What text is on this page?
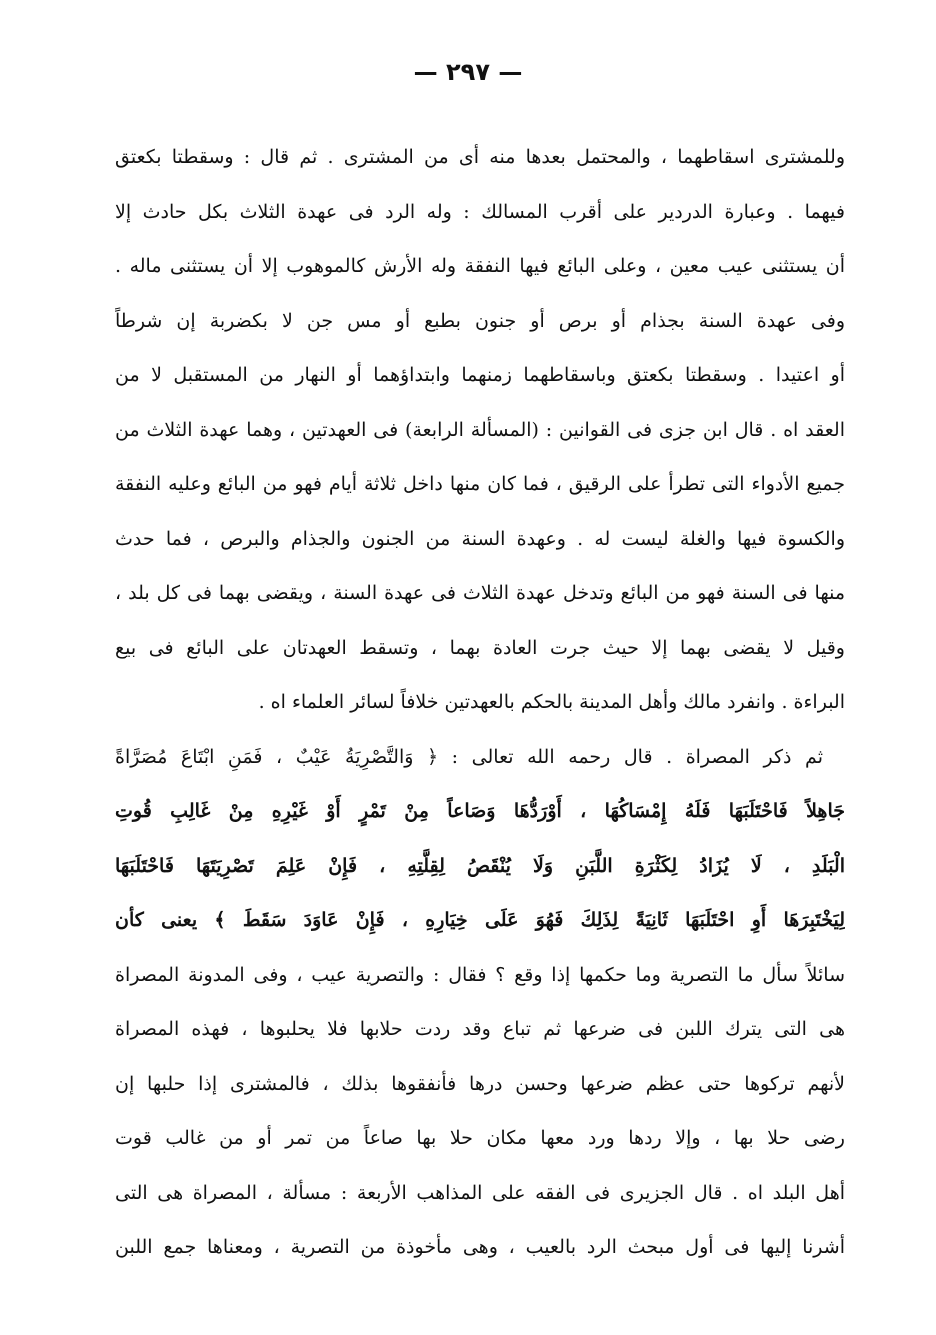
— ٢٩٧ —
وللمشترى اسقاطهما ، والمحتمل بعدها منه أى من المشترى . ثم قال : وسقطتا بكعتق
فيهما . وعبارة الدردير على أقرب المسالك : وله الرد فى عهدة الثلاث بكل حادث إلا
أن يستثنى عيب معين ، وعلى البائع فيها النفقة وله الأرش كالموهوب إلا أن يستثنى ماله .
وفى عهدة السنة بجذام أو برص أو جنون بطبع أو مس جن لا بكضربة إن شرطاً
أو اعتيدا . وسقطتا بكعتق وباسقاطهما زمنهما وابتداؤهما أو النهار من المستقبل لا من
العقد اه . قال ابن جزى فى القوانين : (المسألة الرابعة) فى العهدتين ، وهما عهدة الثلاث من
جميع الأدواء التى تطرأ على الرقيق ، فما كان منها داخل ثلاثة أيام فهو من البائع وعليه النفقة
والكسوة فيها والغلة ليست له . وعهدة السنة من الجنون والجذام والبرص ، فما حدث
منها فى السنة فهو من البائع وتدخل عهدة الثلاث فى عهدة السنة ، ويقضى بهما فى كل بلد ،
وقيل لا يقضى بهما إلا حيث جرت العادة بهما ، وتسقط العهدتان على البائع فى بيع
البراءة . وانفرد مالك وأهل المدينة بالحكم بالعهدتين خلافاً لسائر العلماء اه .
ثم ذكر المصراة . قال رحمه الله تعالى : ﴿ وَالتَّصْرِيَةُ عَيْبٌ ، فَمَنِ ابْتَاعَ مُصَرَّاةً
جَاهِلاً فَاحْتَلَبَهَا فَلَهُ إِمْسَاكُهَا ، أَوْرَدُّهَا وَصَاعاً مِنْ تَمْرٍ أَوْ غَيْرِهِ مِنْ غَالِبِ قُوتِ
الْبَلَدِ ، لَا يُزَادُ لِكَثْرَةِ اللَّبَنِ وَلَا يُنْقَصُ لِقِلَّتِهِ ، فَإِنْ عَلِمَ تَصْرِيَتَهَا فَاحْتَلَبَهَا
لِيَخْتَبِرَهَا أَوِ احْتَلَبَهَا ثَانِيَةً لِذَلِكَ فَهُوَ عَلَى خِيَارِهِ ، فَإِنْ عَاوَدَ سَقَطَ ﴾ يعنى كأن
سائلاً سأل ما التصرية وما حكمها إذا وقع ؟ فقال : والتصرية عيب ، وفى المدونة المصراة
هى التى يترك اللبن فى ضرعها ثم تباع وقد ردت حلابها فلا يحلبوها ، فهذه المصراة
لأنهم تركوها حتى عظم ضرعها وحسن درها فأنفقوها بذلك ، فالمشترى إذا حلبها إن
رضى حلا بها ، وإلا ردها ورد معها مكان حلا بها صاعاً من تمر أو من غالب قوت
أهل البلد اه . قال الجزيرى فى الفقه على المذاهب الأربعة : مسألة ، المصراة هى التى
أشرنا إليها فى أول مبحث الرد بالعيب ، وهى مأخوذة من التصرية ، ومعناها جمع اللبن
